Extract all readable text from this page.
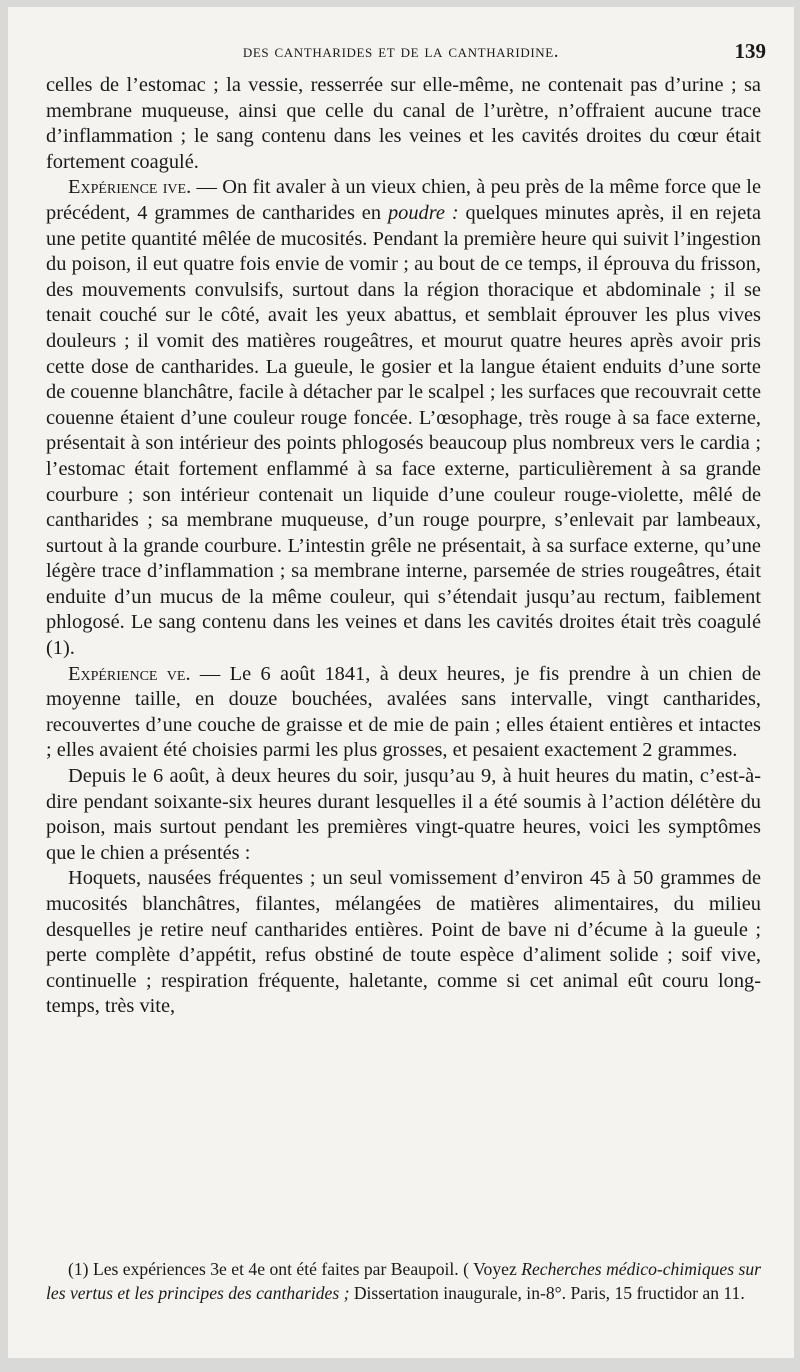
des cantharides et de la cantharidine.	139

celles de l’estomac ; la vessie, resserrée sur elle-même, ne contenait pas d’urine ; sa membrane muqueuse, ainsi que celle du canal de l’urètre, n’offraient aucune trace d’inflammation ; le sang contenu dans les veines et les cavités droites du cœur était fortement coagulé.

Expérience ive. — On fit avaler à un vieux chien, à peu près de la même force que le précédent, 4 grammes de cantharides en poudre : quelques minutes après, il en rejeta une petite quantité mêlée de mucosités. Pendant la première heure qui suivit l’ingestion du poison, il eut quatre fois envie de vomir ; au bout de ce temps, il éprouva du frisson, des mouvements convulsifs, surtout dans la région thoracique et abdominale ; il se tenait couché sur le côté, avait les yeux abattus, et semblait éprouver les plus vives douleurs ; il vomit des matières rougeâtres, et mourut quatre heures après avoir pris cette dose de cantharides. La gueule, le gosier et la langue étaient enduits d’une sorte de couenne blanchâtre, facile à détacher par le scalpel ; les surfaces que recouvrait cette couenne étaient d’une couleur rouge foncée. L’œsophage, très rouge à sa face externe, présentait à son intérieur des points phlogosés beaucoup plus nombreux vers le cardia ; l’estomac était fortement enflammé à sa face externe, particulièrement à sa grande courbure ; son intérieur contenait un liquide d’une couleur rouge-violette, mêlé de cantharides ; sa membrane muqueuse, d’un rouge pourpre, s’enlevait par lambeaux, surtout à la grande courbure. L’intestin grêle ne présentait, à sa surface externe, qu’une légère trace d’inflammation ; sa membrane interne, parsemée de stries rougeâtres, était enduite d’un mucus de la même couleur, qui s’étendait jusqu’au rectum, faiblement phlogosé. Le sang contenu dans les veines et dans les cavités droites était très coagulé (1).

Expérience ve. — Le 6 août 1841, à deux heures, je fis prendre à un chien de moyenne taille, en douze bouchées, avalées sans intervalle, vingt cantharides, recouvertes d’une couche de graisse et de mie de pain ; elles étaient entières et intactes ; elles avaient été choisies parmi les plus grosses, et pesaient exactement 2 grammes.

Depuis le 6 août, à deux heures du soir, jusqu’au 9, à huit heures du matin, c’est-à-dire pendant soixante-six heures durant lesquelles il a été soumis à l’action délétère du poison, mais surtout pendant les premières vingt-quatre heures, voici les symptômes que le chien a présentés :

Hoquets, nausées fréquentes ; un seul vomissement d’environ 45 à 50 grammes de mucosités blanchâtres, filantes, mélangées de matières alimentaires, du milieu desquelles je retire neuf cantharides entières. Point de bave ni d’écume à la gueule ; perte complète d’appétit, refus obstiné de toute espèce d’aliment solide ; soif vive, continuelle ; respiration fréquente, haletante, comme si cet animal eût couru long-temps, très vite,

(1) Les expériences 3e et 4e ont été faites par Beaupoil. ( Voyez Recherches médico-chimiques sur les vertus et les principes des cantharides ; Dissertation inaugurale, in-8°. Paris, 15 fructidor an 11.
